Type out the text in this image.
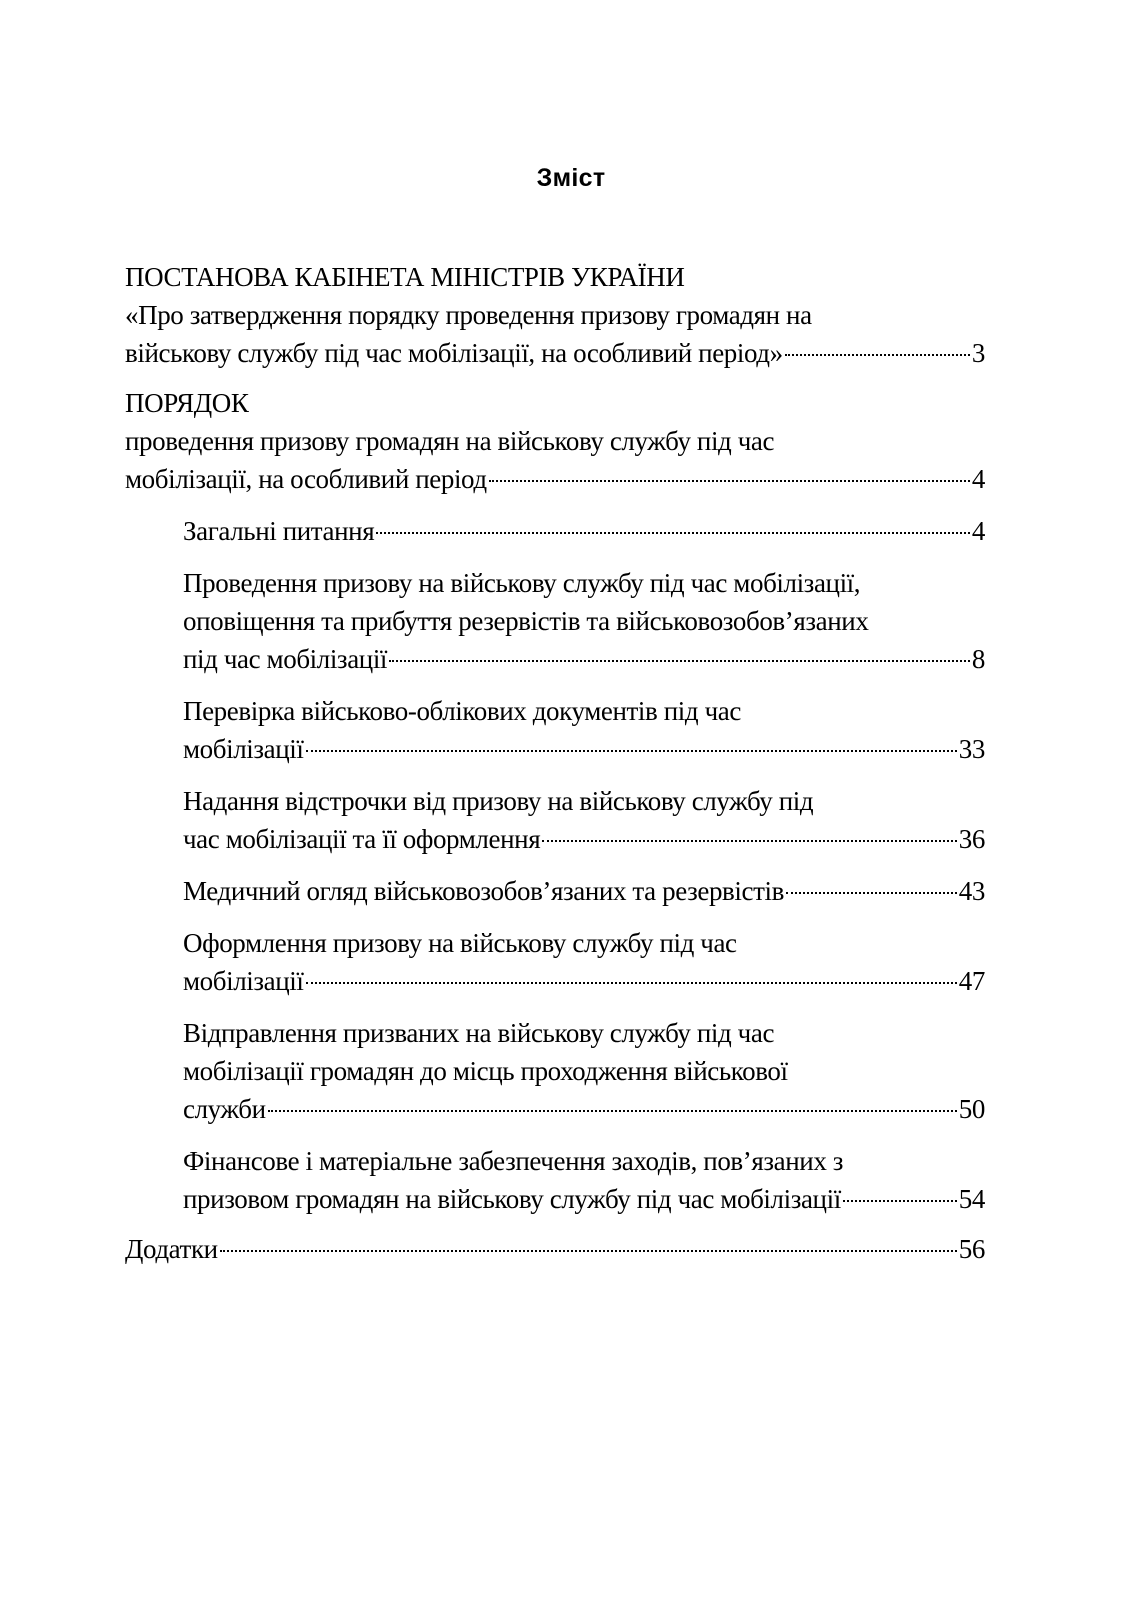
Зміст
ПОСТАНОВА КАБІНЕТА МІНІСТРІВ УКРАЇНИ
«Про затвердження порядку проведення призову громадян на
військову службу під час мобілізації, на особливий період»	3
ПОРЯДОК
проведення призову громадян на військову службу під час
мобілізації, на особливий період	4
Загальні питання	4
Проведення призову на військову службу під час мобілізації,
оповіщення та прибуття резервістів та військовозобов’язаних
під час мобілізації	8
Перевірка військово-облікових документів під час
мобілізації	33
Надання відстрочки від призову на військову службу під
час мобілізації та її оформлення	36
Медичний огляд військовозобов’язаних та резервістів	43
Оформлення призову на військову службу під час
мобілізації	47
Відправлення призваних на військову службу під час
мобілізації громадян до місць проходження військової
служби	50
Фінансове і матеріальне забезпечення заходів, пов’язаних з
призовом громадян на військову службу під час мобілізації	54
Додатки	56
